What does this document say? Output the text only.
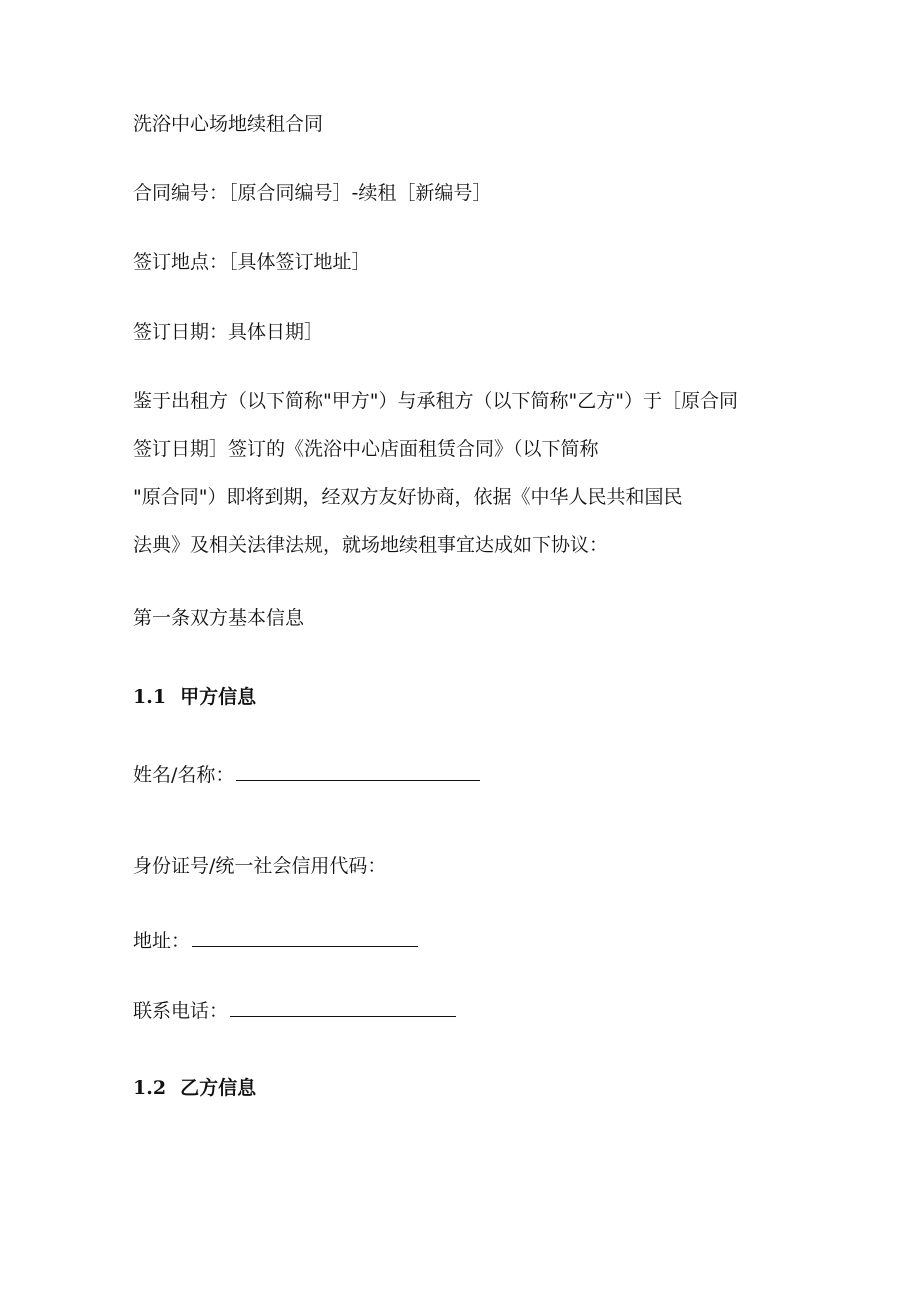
洗浴中心场地续租合同
合同编号：［原合同编号］-续租［新编号］
签订地点：［具体签订地址］
签订日期：具体日期］
鉴于出租方（以下简称"甲方"）与承租方（以下简称"乙方"）于［原合同
签订日期］签订的《洗浴中心店面租赁合同》（以下简称
"原合同"）即将到期，经双方友好协商，依据《中华人民共和国民
法典》及相关法律法规，就场地续租事宜达成如下协议：
第一条双方基本信息
1.1 甲方信息
姓名/名称：
身份证号/统一社会信用代码：
地址：
联系电话：
1.2 乙方信息
